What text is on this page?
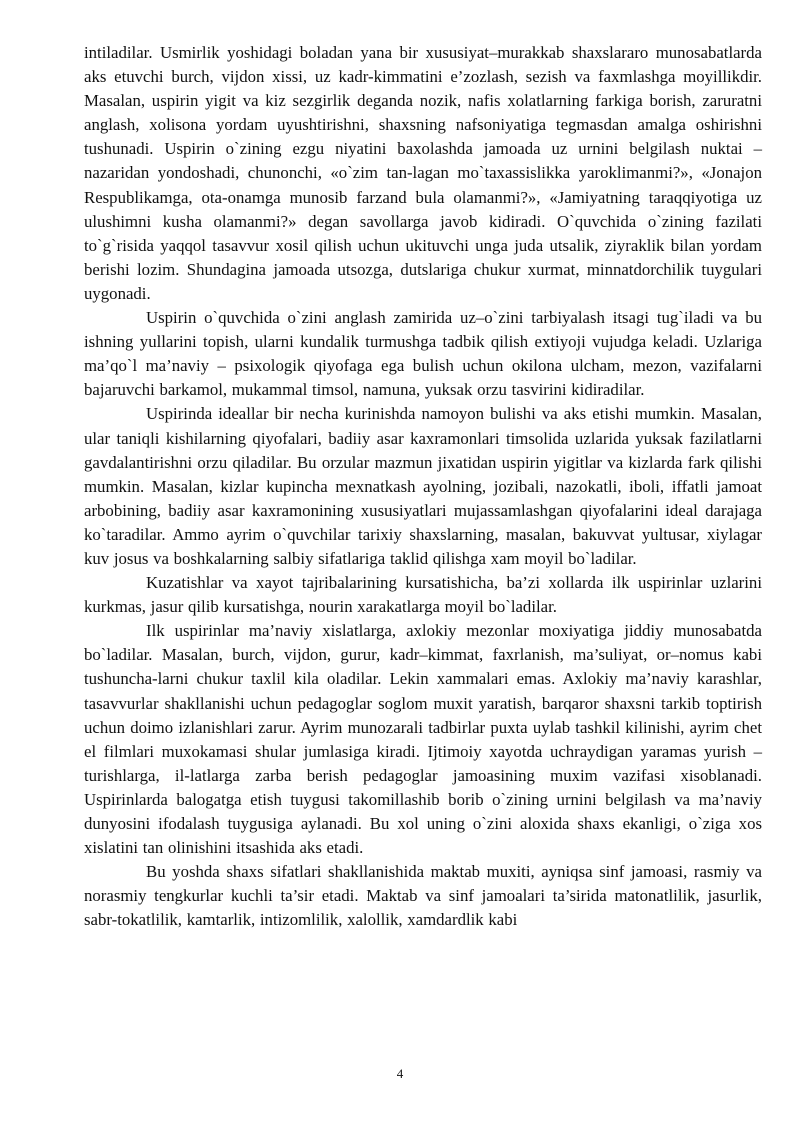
intiladilar. Usmirlik yoshidagi boladan yana bir xususiyat–murakkab shaxslararo munosabatlarda aks etuvchi burch, vijdon xissi, uz kadr-kimmatini e’zozlash, sezish va faxmlashga moyillikdir. Masalan, uspirin yigit va kiz sezgirlik deganda nozik, nafis xolatlarning farkiga borish, zaruratni anglash, xolisona yordam uyushtirishni, shaxsning nafsoniyatiga tegmasdan amalga oshirishni tushunadi. Uspirin o`zining ezgu niyatini baxolashda jamoada uz urnini belgilash nuktai – nazaridan yondoshadi, chunonchi, «o`zim tan-lagan mo`taxassislikka yaroklimanmi?», «Jonajon Respublikamga, ota-onamga munosib farzand bula olamanmi?», «Jamiyatning taraqqiyotiga uz ulushimni kusha olamanmi?» degan savollarga javob kidiradi. O`quvchida o`zining fazilati to`g`risida yaqqol tasavvur xosil qilish uchun ukituvchi unga juda utsalik, ziyraklik bilan yordam berishi lozim. Shundagina jamoada utsozga, dutslariga chukur xurmat, minnatdorchilik tuygulari uygonadi.

Uspirin o`quvchida o`zini anglash zamirida uz–o`zini tarbiyalash itsagi tug`iladi va bu ishning yullarini topish, ularni kundalik turmushga tadbik qilish extiyoji vujudga keladi. Uzlariga ma’qo`l ma’naviy – psixologik qiyofaga ega bulish uchun okilona ulcham, mezon, vazifalarni bajaruvchi barkamol, mukammal timsol, namuna, yuksak orzu tasvirini kidiradilar.

Uspirinda ideallar bir necha kurinishda namoyon bulishi va aks etishi mumkin. Masalan, ular taniqli kishilarning qiyofalari, badiiy asar kaxramonlari timsolida uzlarida yuksak fazilatlarni gavdalantirishni orzu qiladilar. Bu orzular mazmun jixatidan uspirin yigitlar va kizlarda fark qilishi mumkin. Masalan, kizlar kupincha mexnatkash ayolning, jozibali, nazokatli, iboli, iffatli jamoat arbobining, badiiy asar kaxramonining xususiyatlari mujassamlashgan qiyofalarini ideal darajaga ko`taradilar. Ammo ayrim o`quvchilar tarixiy shaxslarning, masalan, bakuvvat yultusar, xiylagar kuv josus va boshkalarning salbiy sifatlariga taklid qilishga xam moyil bo`ladilar.

Kuzatishlar va xayot tajribalarining kursatishicha, ba’zi xollarda ilk uspirinlar uzlarini kurkmas, jasur qilib kursatishga, nourin xarakatlarga moyil bo`ladilar.

Ilk uspirinlar ma’naviy xislatlarga, axlokiy mezonlar moxiyatiga jiddiy munosabatda bo`ladilar. Masalan, burch, vijdon, gurur, kadr–kimmat, faxrlanish, ma’suliyat, or–nomus kabi tushuncha-larni chukur taxlil kila oladilar. Lekin xammalari emas. Axlokiy ma’naviy karashlar, tasavvurlar shakllanishi uchun pedagoglar soglom muxit yaratish, barqaror shaxsni tarkib toptirish uchun doimo izlanishlari zarur. Ayrim munozarali tadbirlar puxta uylab tashkil kilinishi, ayrim chet el filmlari muxokamasi shular jumlasiga kiradi. Ijtimoiy xayotda uchraydigan yaramas yurish – turishlarga, il-latlarga zarba berish pedagoglar jamoasining muxim vazifasi xisoblanadi. Uspirinlarda balogatga etish tuygusi takomillashib borib o`zining urnini belgilash va ma’naviy dunyosini ifodalash tuygusiga aylanadi. Bu xol uning o`zini aloxida shaxs ekanligi, o`ziga xos xislatini tan olinishini itsashida aks etadi.

Bu yoshda shaxs sifatlari shakllanishida maktab muxiti, ayniqsa sinf jamoasi, rasmiy va norasmiy tengkurlar kuchli ta’sir etadi. Maktab va sinf jamoalari ta’sirida matonatlilik, jasurlik, sabr-tokatlilik, kamtarlik, intizomlilik, xalollik, xamdardlik kabi

4
